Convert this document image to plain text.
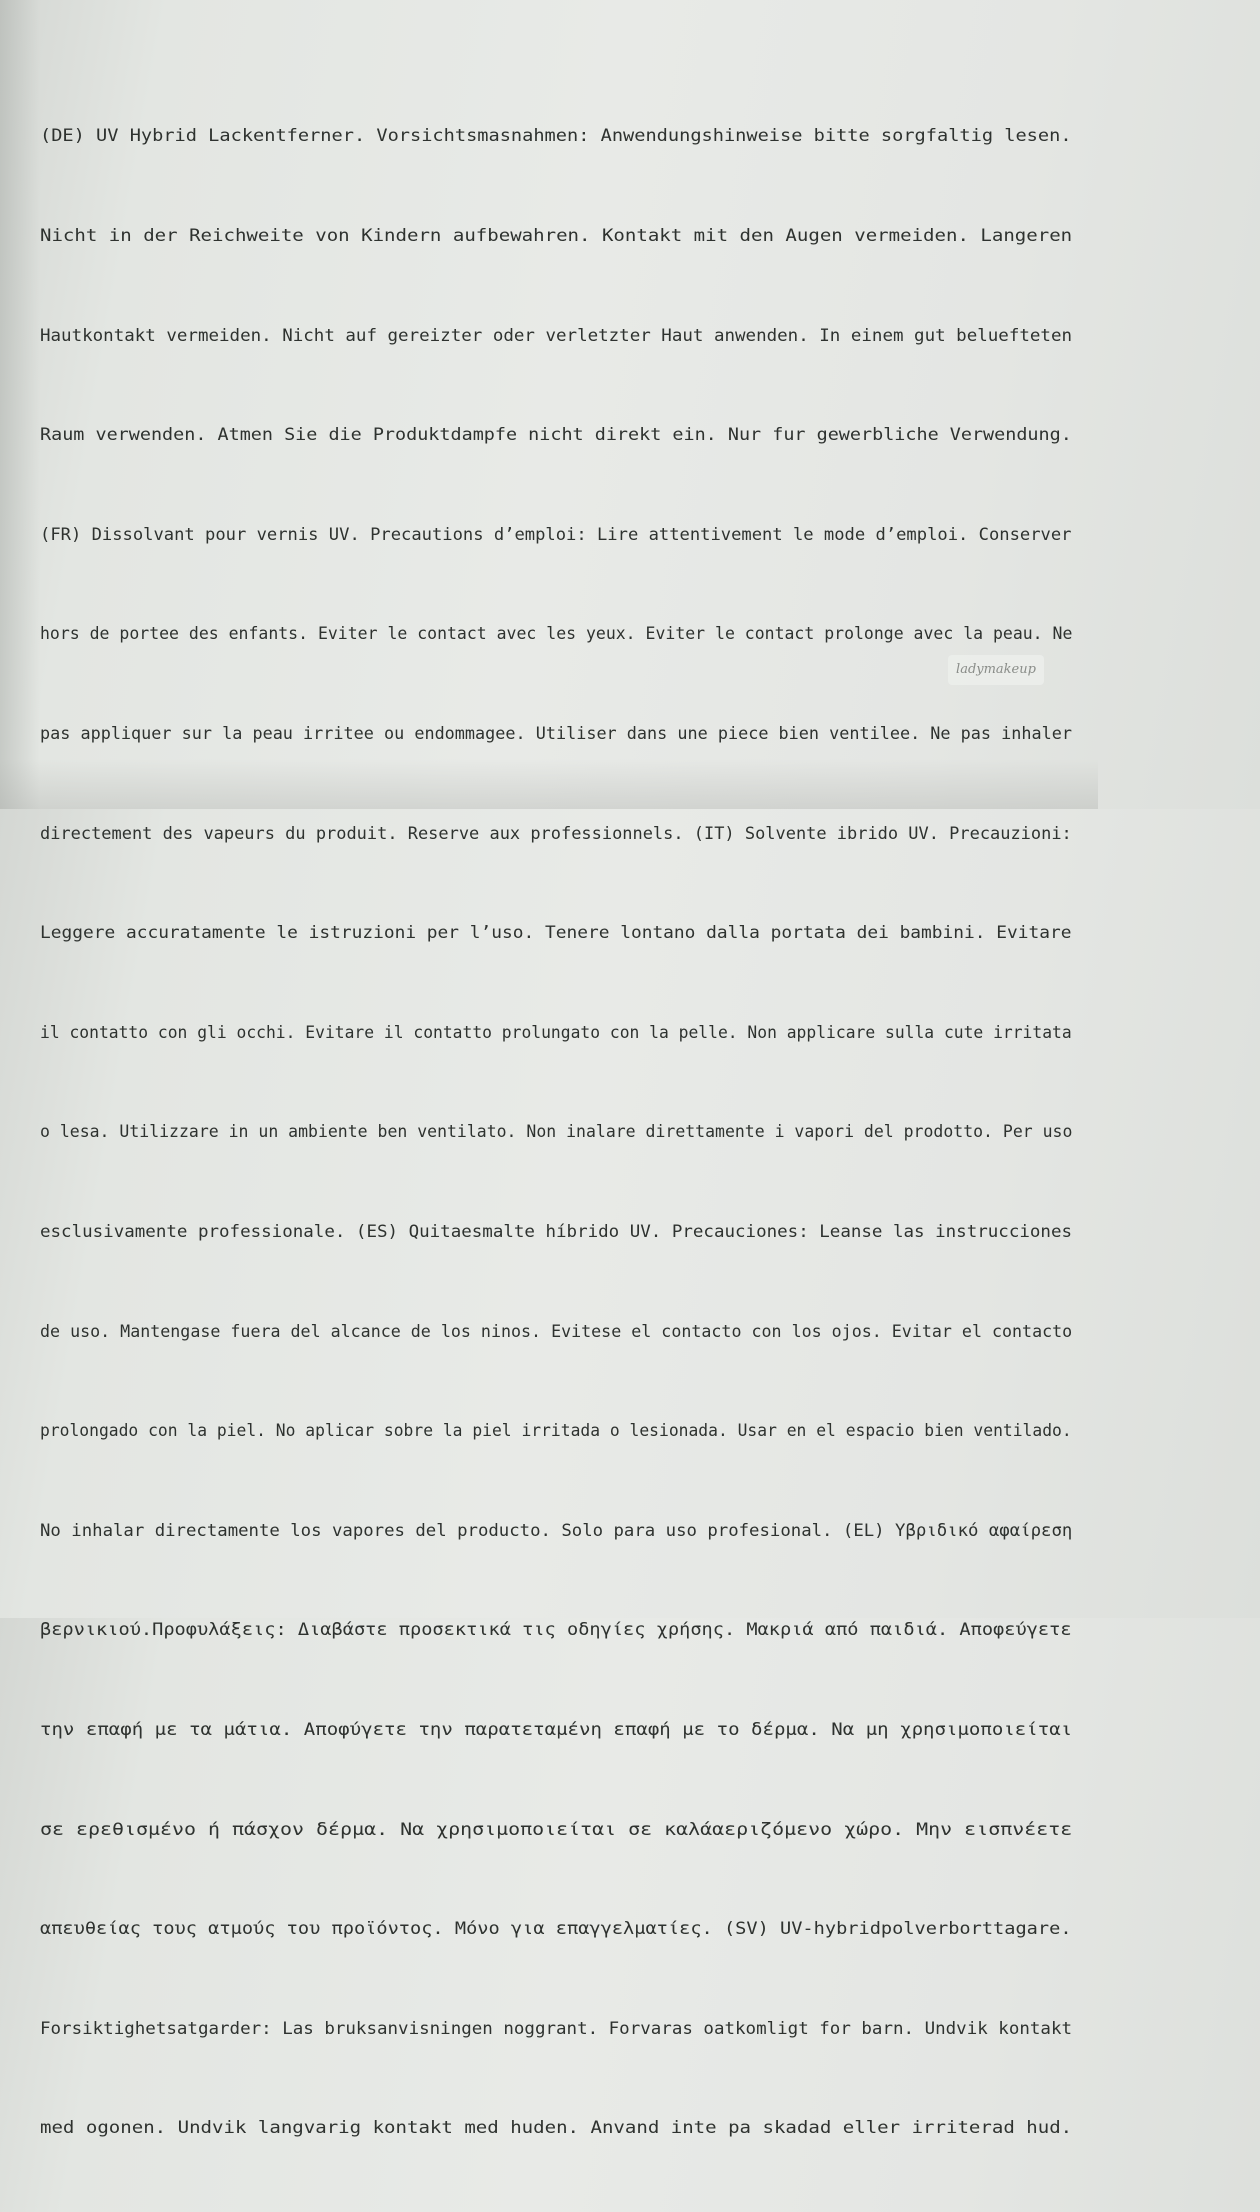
(DE) UV Hybrid Lackentferner. Vorsichtsmasnahmen: Anwendungshinweise bitte sorgfaltig lesen.

Nicht in der Reichweite von Kindern aufbewahren. Kontakt mit den Augen vermeiden. Langeren

Hautkontakt vermeiden. Nicht auf gereizter oder verletzter Haut anwenden. In einem gut beluefteten

Raum verwenden. Atmen Sie die Produktdampfe nicht direkt ein. Nur fur gewerbliche Verwendung.

(FR) Dissolvant pour vernis UV. Precautions d’emploi: Lire attentivement le mode d’emploi. Conserver

hors de portee des enfants. Eviter le contact avec les yeux. Eviter le contact prolonge avec la peau. Ne

pas appliquer sur la peau irritee ou endommagee. Utiliser dans une piece bien ventilee. Ne pas inhaler

directement des vapeurs du produit. Reserve aux professionnels. (IT) Solvente ibrido UV. Precauzioni:

Leggere accuratamente le istruzioni per l’uso. Tenere lontano dalla portata dei bambini. Evitare

il contatto con gli occhi. Evitare il contatto prolungato con la pelle. Non applicare sulla cute irritata

o lesa. Utilizzare in un ambiente ben ventilato. Non inalare direttamente i vapori del prodotto. Per uso

esclusivamente professionale. (ES) Quitaesmalte híbrido UV. Precauciones: Leanse las instrucciones

de uso. Mantengase fuera del alcance de los ninos. Evitese el contacto con los ojos. Evitar el contacto

prolongado con la piel. No aplicar sobre la piel irritada o lesionada. Usar en el espacio bien ventilado.

No inhalar directamente los vapores del producto. Solo para uso profesional. (EL) Υβριδικό αφαίρεση

βερνικιού.Προφυλάξεις: Διαβάστε προσεκτικά τις οδηγίες χρήσης. Μακριά από παιδιά. Αποφεύγετε

την επαφή με τα μάτια. Αποφύγετε την παρατεταμένη επαφή με το δέρμα. Να μη χρησιμοποιείται

σε ερεθισμένο ή πάσχον δέρμα. Να χρησιμοποιείται σε καλάαεριζόμενο χώρο. Μην εισπνέετε

απευθείας τους ατμούς του προϊόντος. Μόνο για επαγγελματίες. (SV) UV-hybridpolverborttagare.

Forsiktighetsatgarder: Las bruksanvisningen noggrant. Forvaras oatkomligt for barn. Undvik kontakt

med ogonen. Undvik langvarig kontakt med huden. Anvand inte pa skadad eller irriterad hud.

ladymakeup
